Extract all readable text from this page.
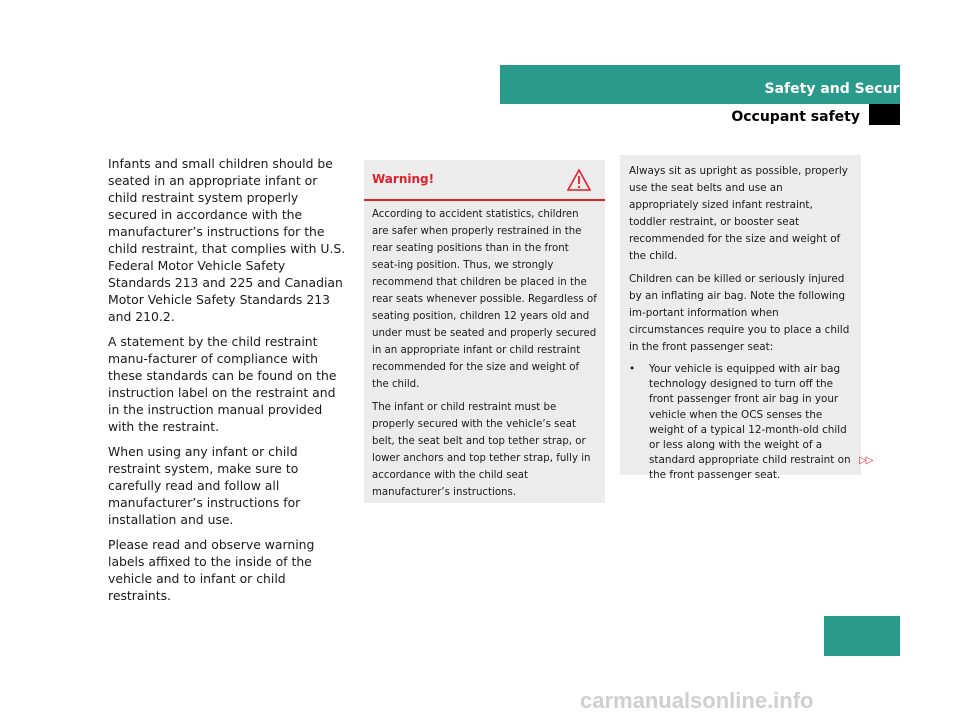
Safety and Security
Occupant safety

Infants and small children should be seated in an appropriate infant or child restraint system properly secured in accordance with the manufacturer’s instructions for the child restraint, that complies with U.S. Federal Motor Vehicle Safety Standards 213 and 225 and Canadian Motor Vehicle Safety Standards 213 and 210.2.

A statement by the child restraint manu-facturer of compliance with these standards can be found on the instruction label on the restraint and in the instruction manual provided with the restraint.

When using any infant or child restraint system, make sure to carefully read and follow all manufacturer’s instructions for installation and use.

Please read and observe warning labels affixed to the inside of the vehicle and to infant or child restraints.

Warning!

According to accident statistics, children are safer when properly restrained in the rear seating positions than in the front seat-ing position. Thus, we strongly recommend that children be placed in the rear seats whenever possible. Regardless of seating position, children 12 years old and under must be seated and properly secured in an appropriate infant or child restraint recommended for the size and weight of the child.

The infant or child restraint must be properly secured with the vehicle’s seat belt, the seat belt and top tether strap, or lower anchors and top tether strap, fully in accordance with the child seat manufacturer’s instructions.

Always sit as upright as possible, properly use the seat belts and use an appropriately sized infant restraint, toddler restraint, or booster seat recommended for the size and weight of the child.

Children can be killed or seriously injured by an inflating air bag. Note the following im-portant information when circumstances require you to place a child in the front passenger seat:

•	Your vehicle is equipped with air bag technology designed to turn off the front passenger front air bag in your vehicle when the OCS senses the weight of a typical 12-month-old child or less along with the weight of a standard appropriate child restraint on the front passenger seat.
▷▷
91
carmanualsonline.info
